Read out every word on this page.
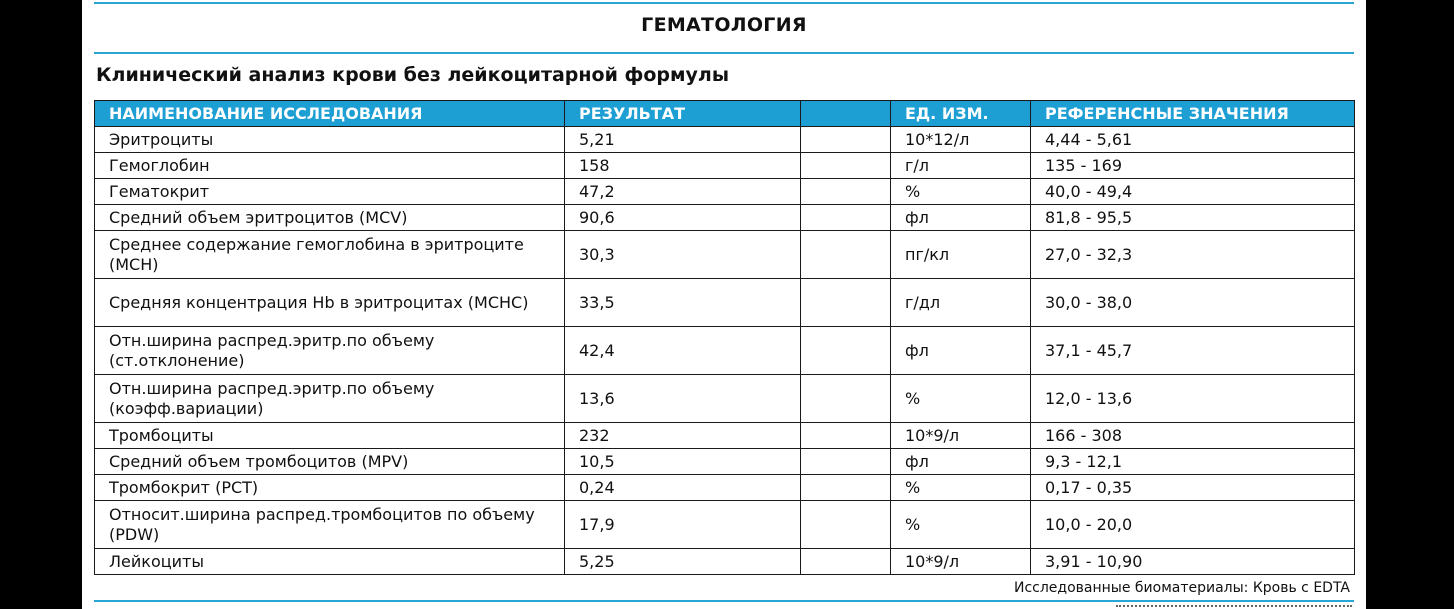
ГЕМАТОЛОГИЯ
Клинический анализ крови без лейкоцитарной формулы
НАИМЕНОВАНИЕ ИССЛЕДОВАНИЯ	РЕЗУЛЬТАТ		ЕД. ИЗМ.	РЕФЕРЕНСНЫЕ ЗНАЧЕНИЯ
Эритроциты	5,21		10*12/л	4,44 - 5,61
Гемоглобин	158		г/л	135 - 169
Гематокрит	47,2		%	40,0 - 49,4
Средний объем эритроцитов (MCV)	90,6		фл	81,8 - 95,5
Среднее содержание гемоглобина в эритроците (MCH)	30,3		пг/кл	27,0 - 32,3
Средняя концентрация Hb в эритроцитах (MCHC)	33,5		г/дл	30,0 - 38,0
Отн.ширина распред.эритр.по объему (ст.отклонение)	42,4		фл	37,1 - 45,7
Отн.ширина распред.эритр.по объему (коэфф.вариации)	13,6		%	12,0 - 13,6
Тромбоциты	232		10*9/л	166 - 308
Средний объем тромбоцитов (MPV)	10,5		фл	9,3 - 12,1
Тромбокрит (PCT)	0,24		%	0,17 - 0,35
Относит.ширина распред.тромбоцитов по объему (PDW)	17,9		%	10,0 - 20,0
Лейкоциты	5,25		10*9/л	3,91 - 10,90
Исследованные биоматериалы: Кровь с EDTA
